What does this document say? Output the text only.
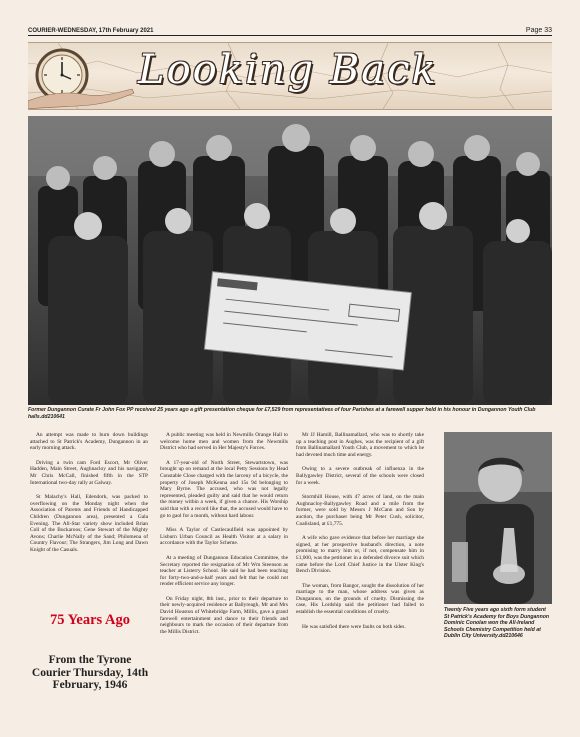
COURIER-WEDNESDAY, 17th February 2021	Page 33
Looking Back
Former Dungannon Curate Fr John Fox PP received 25 years ago a gift presentation cheque for £7,529 from representatives of four Parishes at a farewell supper held in his honour in Dungannon Youth Club halls.dd210641

An attempt was made to burn down buildings attached to St Patrick's Academy, Dungannon in an early morning attack.

Driving a twin cam Ford Escort, Mr Oliver Hadden, Main Street, Aughnacloy and his navigator, Mr Chris McCall, finished fifth in the STP International two-day rally at Galway.

St Malachy's Hall, Edendork, was packed to overflowing on the Monday night when the Association of Parents and Friends of Handicapped Children (Dungannon area), presented a Gala Evening. The All-Star variety show included Brian Coll of the Buckaroos; Gene Stewart of the Mighty Avons; Charlie McNally of the Sand; Philomena of Country Flavour; The Strangers, Jim Long and Dawn Knight of the Casuals.

75 Years Ago
From the Tyrone Courier Thursday, 14th February, 1946

A public meeting was held in Newmills Orange Hall to welcome home men and women from the Newmills District who had served in Her Majesty's Forces.

A 17-year-old of North Street, Stewartstown, was brought up on remand at the local Petty Sessions by Head Constable Close charged with the larceny of a bicycle, the property of Joseph McKenna and 15s 9d belonging to Mary Byrne. The accused, who was not legally represented, pleaded guilty and said that he would return the money within a week, if given a chance. His Worship said that with a record like that, the accused would have to go to gaol for a month, without hard labour.

Miss A Taylor of Castlecaulfield was appointed by Lisburn Urban Council as Health Visitor at a salary in accordance with the Taylor Scheme.

At a meeting of Dungannon Education Committee, the Secretary reported the resignation of Mr Wm Steenson as teacher at Listerry School. He said he had been teaching for forty-two-and-a-half years and felt that he could not render efficient service any longer.

On Friday night, 8th inst., prior to their departure to their newly-acquired residence at Ballyreagh, Mr and Mrs David Houston of Whitebridge Farm, Millis, gave a grand farewell entertainment and dance to their friends and neighbours to mark the occasion of their departure from the Millis District.

Mr JJ Hamill, Ballinamallard, who was to shortly take up a teaching post in Aughes, was the recipient of a gift from Ballinamallard Youth Club, a movement to which he had devoted much time and energy.

Owing to a severe outbreak of influenza in the Ballygawley District, several of the schools were closed for a week.

Stormhill House, with 47 acres of land, on the main Aughnacloy-Ballygawley Road and a mile from the former, were sold by Messrs J McCann and Son by auction, the purchaser being Mr Peter Cush, solicitor, Coalisland, at £1,775.

A wife who gave evidence that before her marriage she signed, at her prospective husband's direction, a note promising to marry him or, if not, compensate him in £1,000, was the petitioner in a defended divorce suit which came before the Lord Chief Justice in the Ulster King's Bench Division.

The woman, from Bangor, sought the dissolution of her marriage to the man, whose address was given as Dungannon, on the grounds of cruelty. Dismissing the case, His Lordship said the petitioner had failed to establish the essential conditions of cruelty.

He was satisfied there were faults on both sides.

Twenty Five years ago sixth form student St Patrick's Academy for Boys Dungannon Dominic Conolan won the All-Ireland Schools Chemistry Competition held at Dublin City University.dd210646
